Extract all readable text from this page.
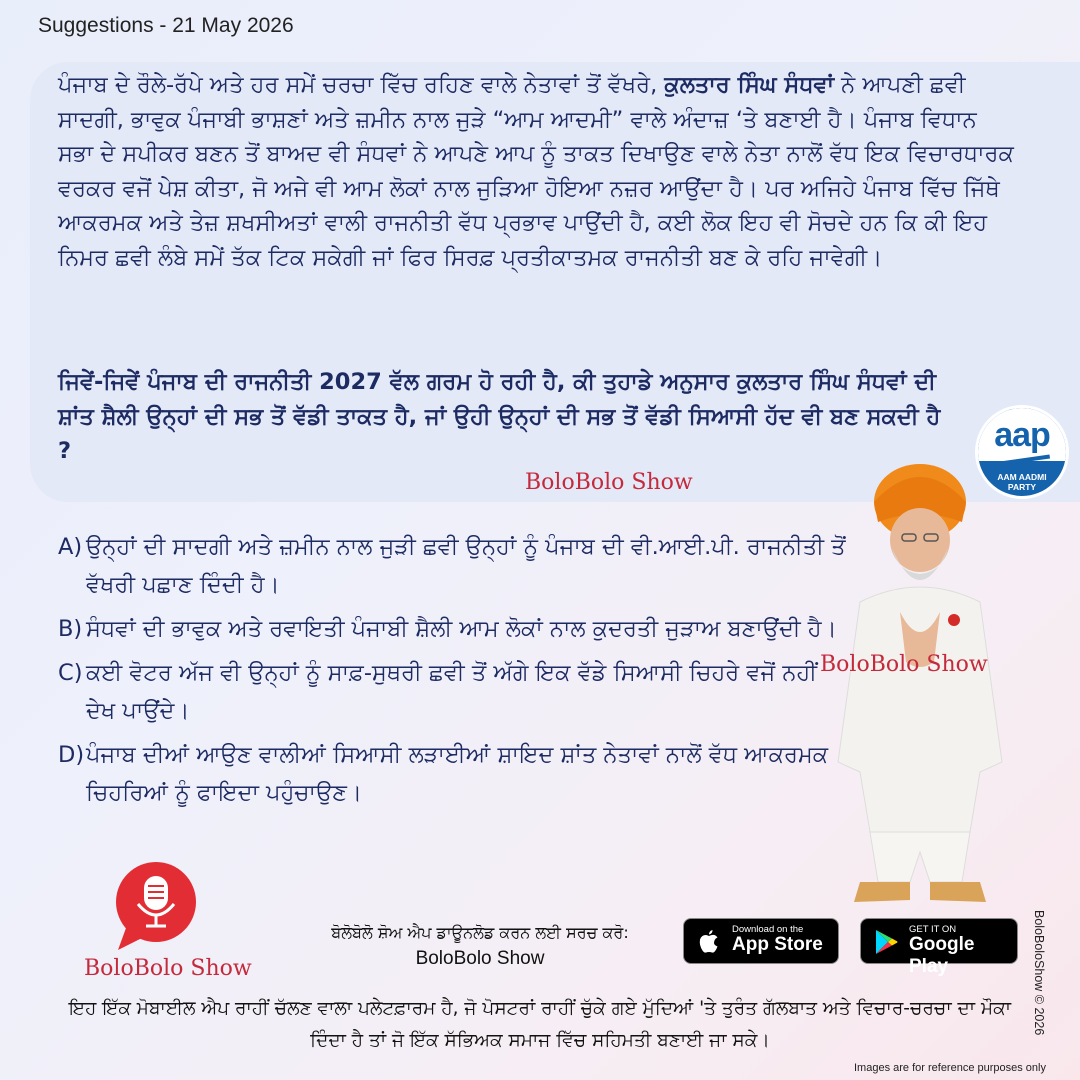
Suggestions - 21 May 2026

ਪੰਜਾਬ ਦੇ ਰੌਲੇ-ਰੱਪੇ ਅਤੇ ਹਰ ਸਮੇਂ ਚਰਚਾ ਵਿੱਚ ਰਹਿਣ ਵਾਲੇ ਨੇਤਾਵਾਂ ਤੋਂ ਵੱਖਰੇ, ਕੁਲਤਾਰ ਸਿੰਘ ਸੰਧਵਾਂ ਨੇ ਆਪਣੀ ਛਵੀ ਸਾਦਗੀ, ਭਾਵੁਕ ਪੰਜਾਬੀ ਭਾਸ਼ਣਾਂ ਅਤੇ ਜ਼ਮੀਨ ਨਾਲ ਜੁੜੇ “ਆਮ ਆਦਮੀ” ਵਾਲੇ ਅੰਦਾਜ਼ ‘ਤੇ ਬਣਾਈ ਹੈ। ਪੰਜਾਬ ਵਿਧਾਨ ਸਭਾ ਦੇ ਸਪੀਕਰ ਬਣਨ ਤੋਂ ਬਾਅਦ ਵੀ ਸੰਧਵਾਂ ਨੇ ਆਪਣੇ ਆਪ ਨੂੰ ਤਾਕਤ ਦਿਖਾਉਣ ਵਾਲੇ ਨੇਤਾ ਨਾਲੋਂ ਵੱਧ ਇਕ ਵਿਚਾਰਧਾਰਕ ਵਰਕਰ ਵਜੋਂ ਪੇਸ਼ ਕੀਤਾ, ਜੋ ਅਜੇ ਵੀ ਆਮ ਲੋਕਾਂ ਨਾਲ ਜੁੜਿਆ ਹੋਇਆ ਨਜ਼ਰ ਆਉਂਦਾ ਹੈ। ਪਰ ਅਜਿਹੇ ਪੰਜਾਬ ਵਿੱਚ ਜਿੱਥੇ ਆਕਰਮਕ ਅਤੇ ਤੇਜ਼ ਸ਼ਖਸੀਅਤਾਂ ਵਾਲੀ ਰਾਜਨੀਤੀ ਵੱਧ ਪ੍ਰਭਾਵ ਪਾਉਂਦੀ ਹੈ, ਕਈ ਲੋਕ ਇਹ ਵੀ ਸੋਚਦੇ ਹਨ ਕਿ ਕੀ ਇਹ ਨਿਮਰ ਛਵੀ ਲੰਬੇ ਸਮੇਂ ਤੱਕ ਟਿਕ ਸਕੇਗੀ ਜਾਂ ਫਿਰ ਸਿਰਫ਼ ਪ੍ਰਤੀਕਾਤਮਕ ਰਾਜਨੀਤੀ ਬਣ ਕੇ ਰਹਿ ਜਾਵੇਗੀ।

ਜਿਵੇਂ-ਜਿਵੇਂ ਪੰਜਾਬ ਦੀ ਰਾਜਨੀਤੀ 2027 ਵੱਲ ਗਰਮ ਹੋ ਰਹੀ ਹੈ, ਕੀ ਤੁਹਾਡੇ ਅਨੁਸਾਰ ਕੁਲਤਾਰ ਸਿੰਘ ਸੰਧਵਾਂ ਦੀ ਸ਼ਾਂਤ ਸ਼ੈਲੀ ਉਨ੍ਹਾਂ ਦੀ ਸਭ ਤੋਂ ਵੱਡੀ ਤਾਕਤ ਹੈ, ਜਾਂ ਉਹੀ ਉਨ੍ਹਾਂ ਦੀ ਸਭ ਤੋਂ ਵੱਡੀ ਸਿਆਸੀ ਹੱਦ ਵੀ ਬਣ ਸਕਦੀ ਹੈ ?

BoloBolo Show
aap
AAM AADMI
PARTY
A) ਉਨ੍ਹਾਂ ਦੀ ਸਾਦਗੀ ਅਤੇ ਜ਼ਮੀਨ ਨਾਲ ਜੁੜੀ ਛਵੀ ਉਨ੍ਹਾਂ ਨੂੰ ਪੰਜਾਬ ਦੀ ਵੀ.ਆਈ.ਪੀ. ਰਾਜਨੀਤੀ ਤੋਂ ਵੱਖਰੀ ਪਛਾਣ ਦਿੰਦੀ ਹੈ।
B) ਸੰਧਵਾਂ ਦੀ ਭਾਵੁਕ ਅਤੇ ਰਵਾਇਤੀ ਪੰਜਾਬੀ ਸ਼ੈਲੀ ਆਮ ਲੋਕਾਂ ਨਾਲ ਕੁਦਰਤੀ ਜੁੜਾਅ ਬਣਾਉਂਦੀ ਹੈ।
C) ਕਈ ਵੋਟਰ ਅੱਜ ਵੀ ਉਨ੍ਹਾਂ ਨੂੰ ਸਾਫ਼-ਸੁਥਰੀ ਛਵੀ ਤੋਂ ਅੱਗੇ ਇਕ ਵੱਡੇ ਸਿਆਸੀ ਚਿਹਰੇ ਵਜੋਂ ਨਹੀਂ ਦੇਖ ਪਾਉਂਦੇ।
D) ਪੰਜਾਬ ਦੀਆਂ ਆਉਣ ਵਾਲੀਆਂ ਸਿਆਸੀ ਲੜਾਈਆਂ ਸ਼ਾਇਦ ਸ਼ਾਂਤ ਨੇਤਾਵਾਂ ਨਾਲੋਂ ਵੱਧ ਆਕਰਮਕ ਚਿਹਰਿਆਂ ਨੂੰ ਫਾਇਦਾ ਪਹੁੰਚਾਉਣ।
BoloBolo Show
BoloBolo Show
ਬੋਲੋਬੋਲੋ ਸ਼ੋਅ ਐਪ ਡਾਊਨਲੋਡ ਕਰਨ ਲਈ ਸਰਚ ਕਰੋ:
BoloBolo Show
Download on the
App Store
GET IT ON
Google Play

ਇਹ ਇੱਕ ਮੋਬਾਈਲ ਐਪ ਰਾਹੀਂ ਚੱਲਣ ਵਾਲਾ ਪਲੇਟਫ਼ਾਰਮ ਹੈ, ਜੋ ਪੋਸਟਰਾਂ ਰਾਹੀਂ ਚੁੱਕੇ ਗਏ ਮੁੱਦਿਆਂ 'ਤੇ ਤੁਰੰਤ ਗੱਲਬਾਤ ਅਤੇ ਵਿਚਾਰ-ਚਰਚਾ ਦਾ ਮੌਕਾ ਦਿੰਦਾ ਹੈ ਤਾਂ ਜੋ ਇੱਕ ਸੱਭਿਅਕ ਸਮਾਜ ਵਿੱਚ ਸਹਿਮਤੀ ਬਣਾਈ ਜਾ ਸਕੇ।

BoloBoloShow © 2026
Images are for reference purposes only
